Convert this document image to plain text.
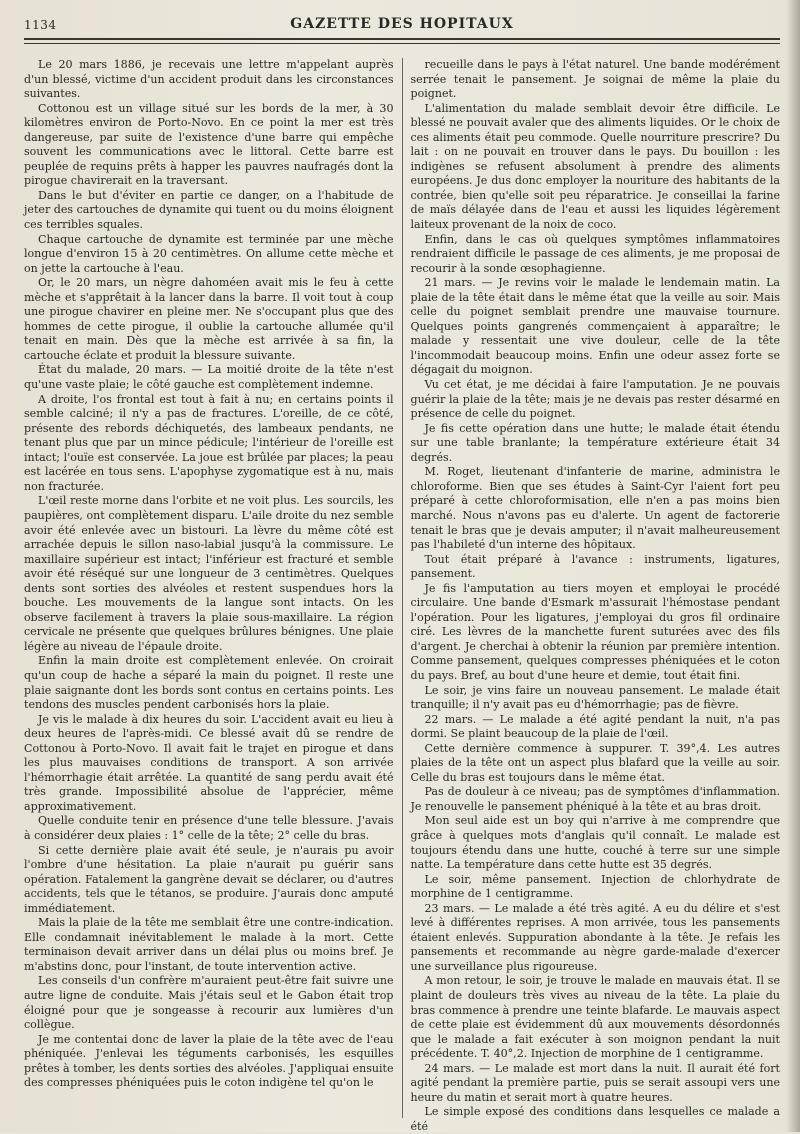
1134	GAZETTE DES HOPITAUX

Le 20 mars 1886, je recevais une lettre m'appelant auprès d'un blessé, victime d'un accident produit dans les circonstances suivantes.

Cottonou est un village situé sur les bords de la mer, à 30 kilomètres environ de Porto-Novo. En ce point la mer est très dangereuse, par suite de l'existence d'une barre qui empêche souvent les communications avec le littoral. Cette barre est peuplée de requins prêts à happer les pauvres naufragés dont la pirogue chavirerait en la traversant.

Dans le but d'éviter en partie ce danger, on a l'habitude de jeter des cartouches de dynamite qui tuent ou du moins éloignent ces terribles squales.

Chaque cartouche de dynamite est terminée par une mèche longue d'environ 15 à 20 centimètres. On allume cette mèche et on jette la cartouche à l'eau.

Or, le 20 mars, un nègre dahoméen avait mis le feu à cette mèche et s'apprêtait à la lancer dans la barre. Il voit tout à coup une pirogue chavirer en pleine mer. Ne s'occupant plus que des hommes de cette pirogue, il oublie la cartouche allumée qu'il tenait en main. Dès que la mèche est arrivée à sa fin, la cartouche éclate et produit la blessure suivante.

État du malade, 20 mars. — La moitié droite de la tête n'est qu'une vaste plaie; le côté gauche est complètement indemne.

A droite, l'os frontal est tout à fait à nu; en certains points il semble calciné; il n'y a pas de fractures. L'oreille, de ce côté, présente des rebords déchiquetés, des lambeaux pendants, ne tenant plus que par un mince pédicule; l'intérieur de l'oreille est intact; l'ouïe est conservée. La joue est brûlée par places; la peau est lacérée en tous sens. L'apophyse zygomatique est à nu, mais non fracturée.

L'œil reste morne dans l'orbite et ne voit plus. Les sourcils, les paupières, ont complètement disparu. L'aile droite du nez semble avoir été enlevée avec un bistouri. La lèvre du même côté est arrachée depuis le sillon naso-labial jusqu'à la commissure. Le maxillaire supérieur est intact; l'inférieur est fracturé et semble avoir été réséqué sur une longueur de 3 centimètres. Quelques dents sont sorties des alvéoles et restent suspendues hors la bouche. Les mouvements de la langue sont intacts. On les observe facilement à travers la plaie sous-maxillaire. La région cervicale ne présente que quelques brûlures bénignes. Une plaie légère au niveau de l'épaule droite.

Enfin la main droite est complètement enlevée. On croirait qu'un coup de hache a séparé la main du poignet. Il reste une plaie saignante dont les bords sont contus en certains points. Les tendons des muscles pendent carbonisés hors la plaie.

Je vis le malade à dix heures du soir. L'accident avait eu lieu à deux heures de l'après-midi. Ce blessé avait dû se rendre de Cottonou à Porto-Novo. Il avait fait le trajet en pirogue et dans les plus mauvaises conditions de transport. A son arrivée l'hémorrhagie était arrêtée. La quantité de sang perdu avait été très grande. Impossibilité absolue de l'apprécier, même approximativement.

Quelle conduite tenir en présence d'une telle blessure. J'avais à considérer deux plaies : 1° celle de la tête; 2° celle du bras.

Si cette dernière plaie avait été seule, je n'aurais pu avoir l'ombre d'une hésitation. La plaie n'aurait pu guérir sans opération. Fatalement la gangrène devait se déclarer, ou d'autres accidents, tels que le tétanos, se produire. J'aurais donc amputé immédiatement.

Mais la plaie de la tête me semblait être une contre-indication. Elle condamnait inévitablement le malade à la mort. Cette terminaison devait arriver dans un délai plus ou moins bref. Je m'abstins donc, pour l'instant, de toute intervention active.

Les conseils d'un confrère m'auraient peut-être fait suivre une autre ligne de conduite. Mais j'étais seul et le Gabon était trop éloigné pour que je songeasse à recourir aux lumières d'un collègue.

Je me contentai donc de laver la plaie de la tête avec de l'eau phéniquée. J'enlevai les téguments carbonisés, les esquilles prêtes à tomber, les dents sorties des alvéoles. J'appliquai ensuite des compresses phéniquées puis le coton indigène tel qu'on le

recueille dans le pays à l'état naturel. Une bande modérément serrée tenait le pansement. Je soignai de même la plaie du poignet.

L'alimentation du malade semblait devoir être difficile. Le blessé ne pouvait avaler que des aliments liquides. Or le choix de ces aliments était peu commode. Quelle nourriture prescrire? Du lait : on ne pouvait en trouver dans le pays. Du bouillon : les indigènes se refusent absolument à prendre des aliments européens. Je dus donc employer la nouriture des habitants de la contrée, bien qu'elle soit peu réparatrice. Je conseillai la farine de maïs délayée dans de l'eau et aussi les liquides légèrement laiteux provenant de la noix de coco.

Enfin, dans le cas où quelques symptômes inflammatoires rendraient difficile le passage de ces aliments, je me proposai de recourir à la sonde œsophagienne.

21 mars. — Je revins voir le malade le lendemain matin. La plaie de la tête était dans le même état que la veille au soir. Mais celle du poignet semblait prendre une mauvaise tournure. Quelques points gangrenés commençaient à apparaître; le malade y ressentait une vive douleur, celle de la tête l'incommodait beaucoup moins. Enfin une odeur assez forte se dégagait du moignon.

Vu cet état, je me décidai à faire l'amputation. Je ne pouvais guérir la plaie de la tête; mais je ne devais pas rester désarmé en présence de celle du poignet.

Je fis cette opération dans une hutte; le malade était étendu sur une table branlante; la température extérieure était 34 degrés.

M. Roget, lieutenant d'infanterie de marine, administra le chloroforme. Bien que ses études à Saint-Cyr l'aient fort peu préparé à cette chloroformisation, elle n'en a pas moins bien marché. Nous n'avons pas eu d'alerte. Un agent de factorerie tenait le bras que je devais amputer; il n'avait malheureusement pas l'habileté d'un interne des hôpitaux.

Tout était préparé à l'avance : instruments, ligatures, pansement.

Je fis l'amputation au tiers moyen et employai le procédé circulaire. Une bande d'Esmark m'assurait l'hémostase pendant l'opération. Pour les ligatures, j'employai du gros fil ordinaire ciré. Les lèvres de la manchette furent suturées avec des fils d'argent. Je cherchai à obtenir la réunion par première intention. Comme pansement, quelques compresses phéniquées et le coton du pays. Bref, au bout d'une heure et demie, tout était fini.

Le soir, je vins faire un nouveau pansement. Le malade était tranquille; il n'y avait pas eu d'hémorrhagie; pas de fièvre.

22 mars. — Le malade a été agité pendant la nuit, n'a pas dormi. Se plaint beaucoup de la plaie de l'œil.

Cette dernière commence à suppurer. T. 39°,4. Les autres plaies de la tête ont un aspect plus blafard que la veille au soir. Celle du bras est toujours dans le même état.

Pas de douleur à ce niveau; pas de symptômes d'inflammation. Je renouvelle le pansement phéniqué à la tête et au bras droit.

Mon seul aide est un boy qui n'arrive à me comprendre que grâce à quelques mots d'anglais qu'il connaît. Le malade est toujours étendu dans une hutte, couché à terre sur une simple natte. La température dans cette hutte est 35 degrés.

Le soir, même pansement. Injection de chlorhydrate de morphine de 1 centigramme.

23 mars. — Le malade a été très agité. A eu du délire et s'est levé à différentes reprises. A mon arrivée, tous les pansements étaient enlevés. Suppuration abondante à la tête. Je refais les pansements et recommande au nègre garde-malade d'exercer une surveillance plus rigoureuse.

A mon retour, le soir, je trouve le malade en mauvais état. Il se plaint de douleurs très vives au niveau de la tête. La plaie du bras commence à prendre une teinte blafarde. Le mauvais aspect de cette plaie est évidemment dû aux mouvements désordonnés que le malade a fait exécuter à son moignon pendant la nuit précédente. T. 40°,2. Injection de morphine de 1 centigramme.

24 mars. — Le malade est mort dans la nuit. Il aurait été fort agité pendant la première partie, puis se serait assoupi vers une heure du matin et serait mort à quatre heures.

Le simple exposé des conditions dans lesquelles ce malade a été
